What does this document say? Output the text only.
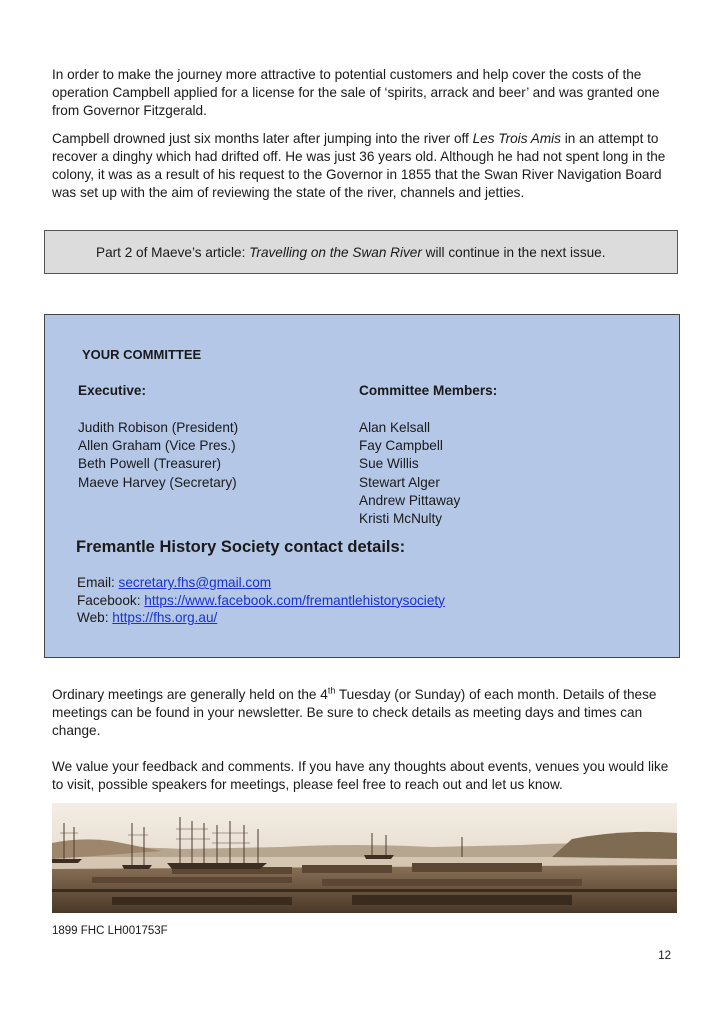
In order to make the journey more attractive to potential customers and help cover the costs of the operation Campbell applied for a license for the sale of ‘spirits, arrack and beer’ and was granted one from Governor Fitzgerald.

Campbell drowned just six months later after jumping into the river off Les Trois Amis in an attempt to recover a dinghy which had drifted off. He was just 36 years old. Although he had not spent long in the colony, it was as a result of his request to the Governor in 1855 that the Swan River Navigation Board was set up with the aim of reviewing the state of the river, channels and jetties.

Part 2 of Maeve’s article: Travelling on the Swan River will continue in the next issue.

YOUR COMMITTEE

Executive:

Judith Robison (President)
Allen Graham (Vice Pres.)
Beth Powell (Treasurer)
Maeve Harvey (Secretary)

Committee Members:

Alan Kelsall
Fay Campbell
Sue Willis
Stewart Alger
Andrew Pittaway
Kristi McNulty

Fremantle History Society contact details:

Email: secretary.fhs@gmail.com
Facebook: https://www.facebook.com/fremantlehistorysociety
Web: https://fhs.org.au/

Ordinary meetings are generally held on the 4th Tuesday (or Sunday) of each month. Details of these meetings can be found in your newsletter. Be sure to check details as meeting days and times can change.

We value your feedback and comments. If you have any thoughts about events, venues you would like to visit, possible speakers for meetings, please feel free to reach out and let us know.

1899 FHC LH001753F

12
